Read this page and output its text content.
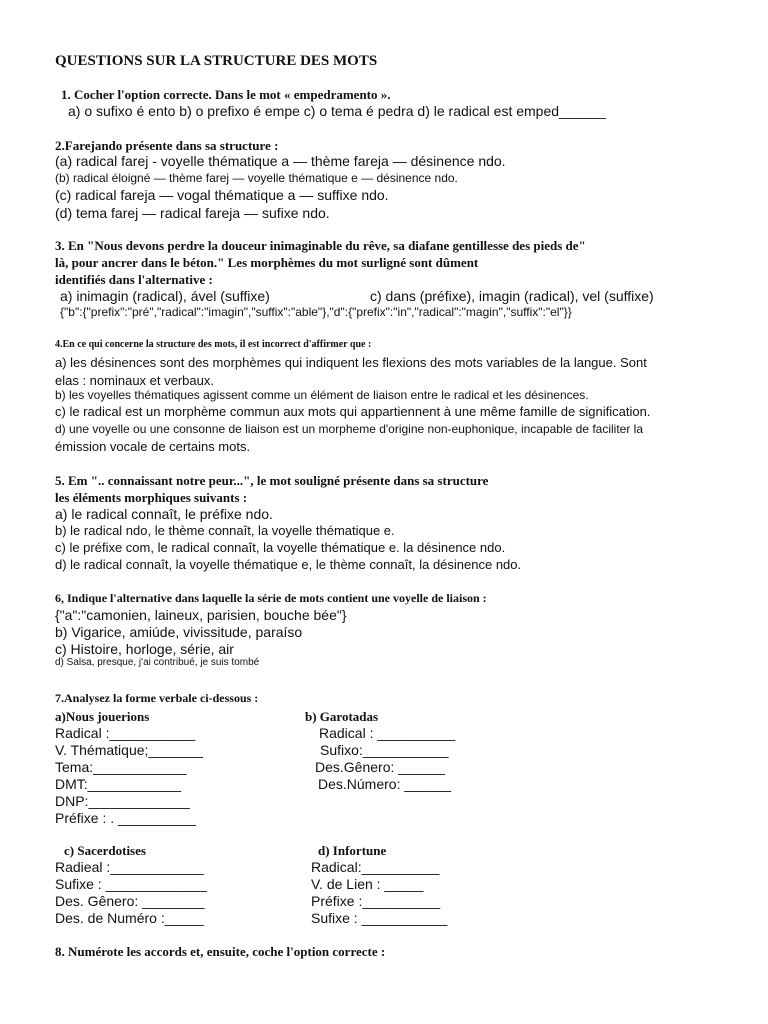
QUESTIONS SUR LA STRUCTURE DES MOTS
1. Cocher l'option correcte. Dans le mot « empedramento ».
a) o sufixo é ento b) o prefixo é empe c) o tema é pedra d) le radical est emped______
2.Farejando présente dans sa structure :
(a) radical farej - voyelle thématique a — thème fareja — désinence ndo.
(b) radical éloigné — thème farej — voyelle thématique e — désinence ndo.
(c) radical fareja — vogal thématique a — suffixe ndo.
(d) tema farej — radical fareja — sufixe ndo.
3. En "Nous devons perdre la douceur inimaginable du rêve, sa diafane gentillesse des pieds de"
là, pour ancrer dans le béton." Les morphèmes du mot surligné sont dûment
identifiés dans l'alternative :
a) inimagin (radical), ável (suffixe)	c) dans (préfixe), imagin (radical), vel (suffixe)
{"b":{"prefix":"pré","radical":"imagin","suffix":"able"},"d":{"prefix":"in","radical":"magin","suffix":"el"}}
4.En ce qui concerne la structure des mots, il est incorrect d'affirmer que :
a) les désinences sont des morphèmes qui indiquent les flexions des mots variables de la langue. Sont
elas : nominaux et verbaux.
b) les voyelles thématiques agissent comme un élément de liaison entre le radical et les désinences.
c) le radical est un morphème commun aux mots qui appartiennent à une même famille de signification.
d) une voyelle ou une consonne de liaison est un morpheme d'origine non-euphonique, incapable de faciliter la
émission vocale de certains mots.
5. Em ".. connaissant notre peur...", le mot souligné présente dans sa structure
les éléments morphiques suivants :
a) le radical connaît, le préfixe ndo.
b) le radical ndo, le thème connaît, la voyelle thématique e.
c) le préfixe com, le radical connaît, la voyelle thématique e. la désinence ndo.
d) le radical connaît, la voyelle thématique e, le thème connaît, la désinence ndo.
6, Indique l'alternative dans laquelle la série de mots contient une voyelle de liaison :
{"a":"camonien, laineux, parisien, bouche bée"}
b) Vigarice, amiúde, vivissitude, paraíso
c) Histoire, horloge, série, air
d) Salsa, presque, j'ai contribué, je suis tombé
7.Analysez la forme verbale ci-dessous :
a)Nous jouerions
Radical :___________
V. Thématique;_______
Tema:____________
DMT:____________
DNP:_____________
Préfixe : . __________
b) Garotadas
Radical : __________
Sufixo:___________
Des.Gênero: ______
Des.Número: ______
c) Sacerdotises
Radieal :____________
Sufixe : _____________
Des. Gênero: ________
Des. de Numéro :_____
d) Infortune
Radical:__________
V. de Lien : _____
Préfixe :__________
Sufixe : ___________
8. Numérote les accords et, ensuite, coche l'option correcte :
